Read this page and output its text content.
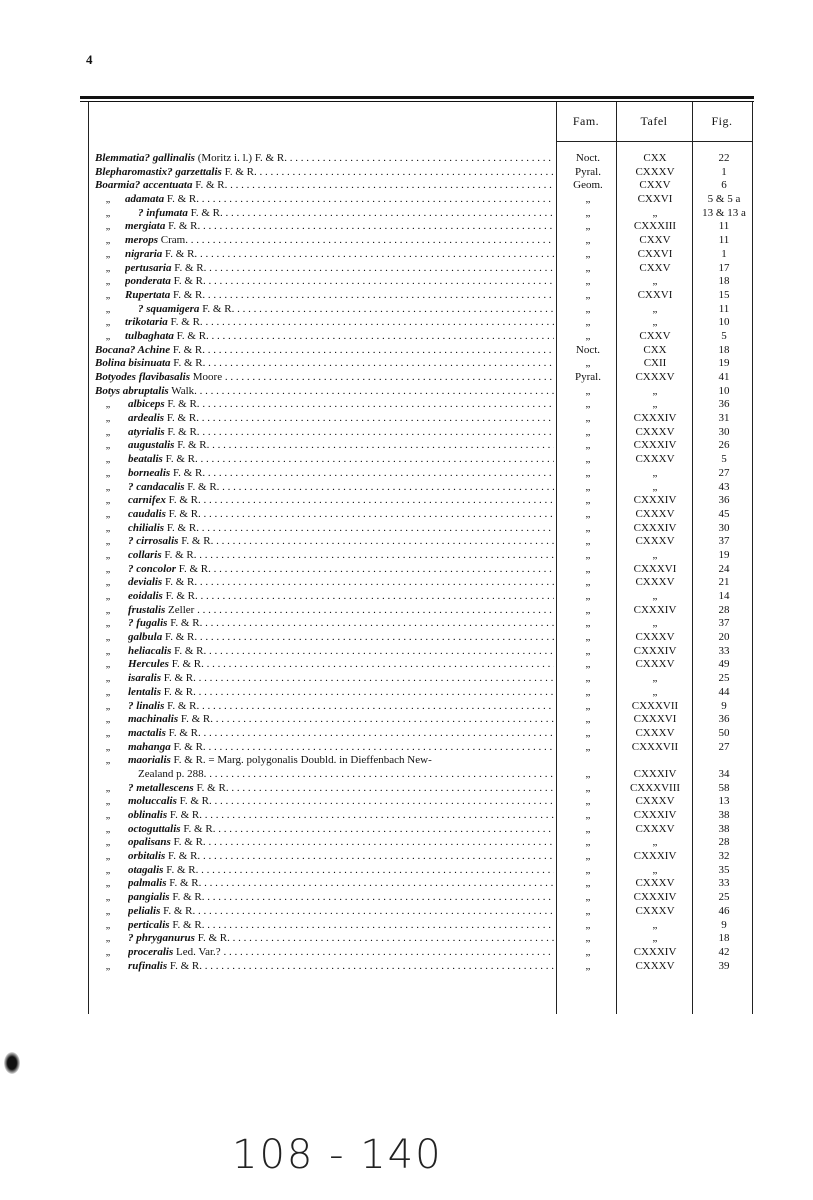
4
Fam.	Tafel	Fig.
Blemmatia? gallinalis (Moritz i. l.) F. & R. . . .	Noct.	CXX	22
Blepharomastix? garzettalis F. & R. . . .	Pyral.	CXXXV	1
Boarmia? accentuata F. & R. . . .	Geom.	CXXV	6
„	adamata F. & R. . . .	„	CXXVI	5 & 5 a
„	? infumata F. & R. . . .	„	„	13 & 13 a
„	mergiata F. & R. . . .	„	CXXXIII	11
„	merops Cram. . . .	„	CXXV	11
„	nigraria F. & R. . . .	„	CXXVI	1
„	pertusaria F. & R. . . .	„	CXXV	17
„	ponderata F. & R. . . .	„	„	18
„	Rupertata F. & R. . . .	„	CXXVI	15
„	? squamigera F. & R. . . .	„	„	11
„	trikotaria F. & R. . . .	„	„	10
„	tulbaghata F. & R. . . .	„	CXXV	5
Bocana? Achine F. & R. . . .	Noct.	CXX	18
Bolina bisinuata F. & R. . . .	„	CXII	19
Botyodes flavibasalis Moore . . .	Pyral.	CXXXV	41
Botys abruptalis Walk. . . .	„	„	10
„	albiceps F. & R. . . .	„	„	36
„	ardealis F. & R. . . .	„	CXXXIV	31
„	atyrialis F. & R. . . .	„	CXXXV	30
„	augustalis F. & R. . . .	„	CXXXIV	26
„	beatalis F. & R. . . .	„	CXXXV	5
„	bornealis F. & R. . . .	„	„	27
„	? candacalis F. & R. . . .	„	„	43
„	carnifex F. & R. . . .	„	CXXXIV	36
„	caudalis F. & R. . . .	„	CXXXV	45
„	chilialis F. & R. . . .	„	CXXXIV	30
„	? cirrosalis F. & R. . . .	„	CXXXV	37
„	collaris F. & R. . . .	„	„	19
„	? concolor F. & R. . . .	„	CXXXVI	24
„	devialis F. & R. . . .	„	CXXXV	21
„	eoidalis F. & R. . . .	„	„	14
„	frustalis Zeller . . .	„	CXXXIV	28
„	? fugalis F. & R. . . .	„	„	37
„	galbula F. & R. . . .	„	CXXXV	20
„	heliacalis F. & R. . . .	„	CXXXIV	33
„	Hercules F. & R. . . .	„	CXXXV	49
„	isaralis F. & R. . . .	„	„	25
„	lentalis F. & R. . . .	„	„	44
„	? linalis F. & R. . . .	„	CXXXVII	9
„	machinalis F. & R. . . .	„	CXXXVI	36
„	mactalis F. & R. . . .	„	CXXXV	50
„	mahanga F. & R. . . .	„	CXXXVII	27
„	maorialis F. & R. = Marg. polygonalis Doubld. in Dieffenbach New-
Zealand p. 288. . . .	„	CXXXIV	34
„	? metallescens F. & R. . . .	„	CXXXVIII	58
„	moluccalis F. & R. . . .	„	CXXXV	13
„	oblinalis F. & R. . . .	„	CXXXIV	38
„	octoguttalis F. & R. . . .	„	CXXXV	38
„	opalisans F. & R. . . .	„	„	28
„	orbitalis F. & R. . . .	„	CXXXIV	32
„	otagalis F. & R. . . .	„	„	35
„	palmalis F. & R. . . .	„	CXXXV	33
„	pangialis F. & R. . . .	„	CXXXIV	25
„	pelialis F. & R. . . .	„	CXXXV	46
„	perticalis F. & R. . . .	„	„	9
„	? phryganurus F. & R. . . .	„	„	18
„	proceralis Led. Var.? . . .	„	CXXXIV	42
„	rufinalis F. & R. . . .	„	CXXXV	39
108 - 140
